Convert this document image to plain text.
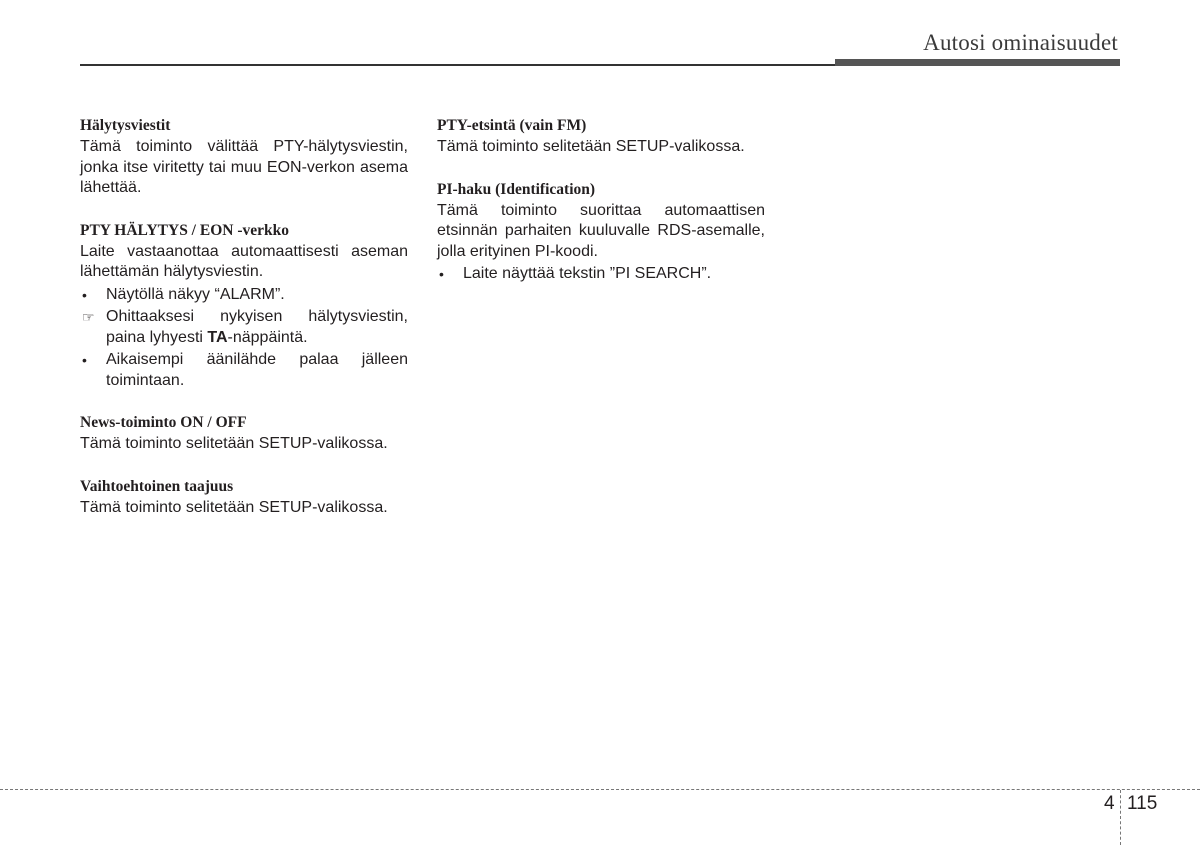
Autosi ominaisuudet

Hälytysviestit

Tämä toiminto välittää PTY-hälytysviestin, jonka itse viritetty tai muu EON-verkon asema lähettää.

PTY HÄLYTYS / EON -verkko

Laite vastaanottaa automaattisesti aseman lähettämän hälytysviestin.

• Näytöllä näkyy “ALARM”.
☞ Ohittaaksesi nykyisen hälytysviestin, paina lyhyesti TA-näppäintä.
• Aikaisempi äänilähde palaa jälleen toimintaan.

News-toiminto ON / OFF

Tämä toiminto selitetään SETUP-valikossa.

Vaihtoehtoinen taajuus

Tämä toiminto selitetään SETUP-valikossa.

PTY-etsintä (vain FM)

Tämä toiminto selitetään SETUP-valikossa.

PI-haku (Identification)

Tämä toiminto suorittaa automaattisen etsinnän parhaiten kuuluvalle RDS-asemalle, jolla erityinen PI-koodi.

• Laite näyttää tekstin ”PI SEARCH”.
4 115
